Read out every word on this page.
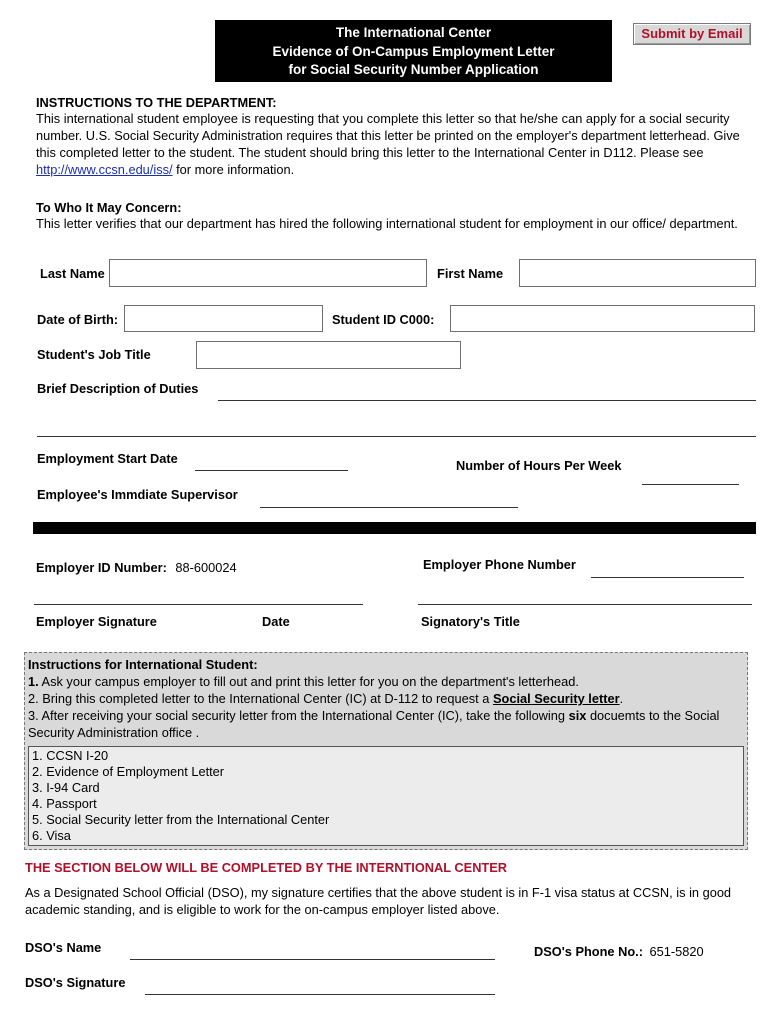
The International Center
Evidence of On-Campus Employment Letter
for Social Security Number Application
Submit by Email
INSTRUCTIONS TO THE DEPARTMENT:
This international student employee is requesting that you complete this letter so that he/she can apply for a social security number. U.S. Social Security Administration requires that this letter be printed on the employer's department letterhead. Give this completed letter to the student. The student should bring this letter to the International Center in D112. Please see http://www.ccsn.edu/iss/ for more information.
To Who It May Concern:
This letter verifies that our department has hired the following international student for employment in our office/ department.
Last Name	First Name
Date of Birth:	Student ID C000:
Student's Job Title
Brief Description of Duties
Employment Start Date	Number of Hours Per Week
Employee's Immdiate Supervisor
Employer ID Number: 88-600024	Employer Phone Number
Employer Signature	Date	Signatory's Title
Instructions for International Student:
1. Ask your campus employer to fill out and print this letter for you on the department's letterhead.
2. Bring this completed letter to the International Center (IC) at D-112 to request a Social Security letter.
3. After receiving your social security letter from the International Center (IC), take the following six docuemts to the Social Security Administration office .
1. CCSN I-20
2. Evidence of Employment Letter
3. I-94 Card
4. Passport
5. Social Security letter from the International Center
6. Visa
THE SECTION BELOW WILL BE COMPLETED BY THE INTERNTIONAL CENTER
As a Designated School Official (DSO), my signature certifies that the above student is in F-1 visa status at CCSN, is in good academic standing, and is eligible to work for the on-campus employer listed above.
DSO's Name	DSO's Phone No.: 651-5820
DSO's Signature
